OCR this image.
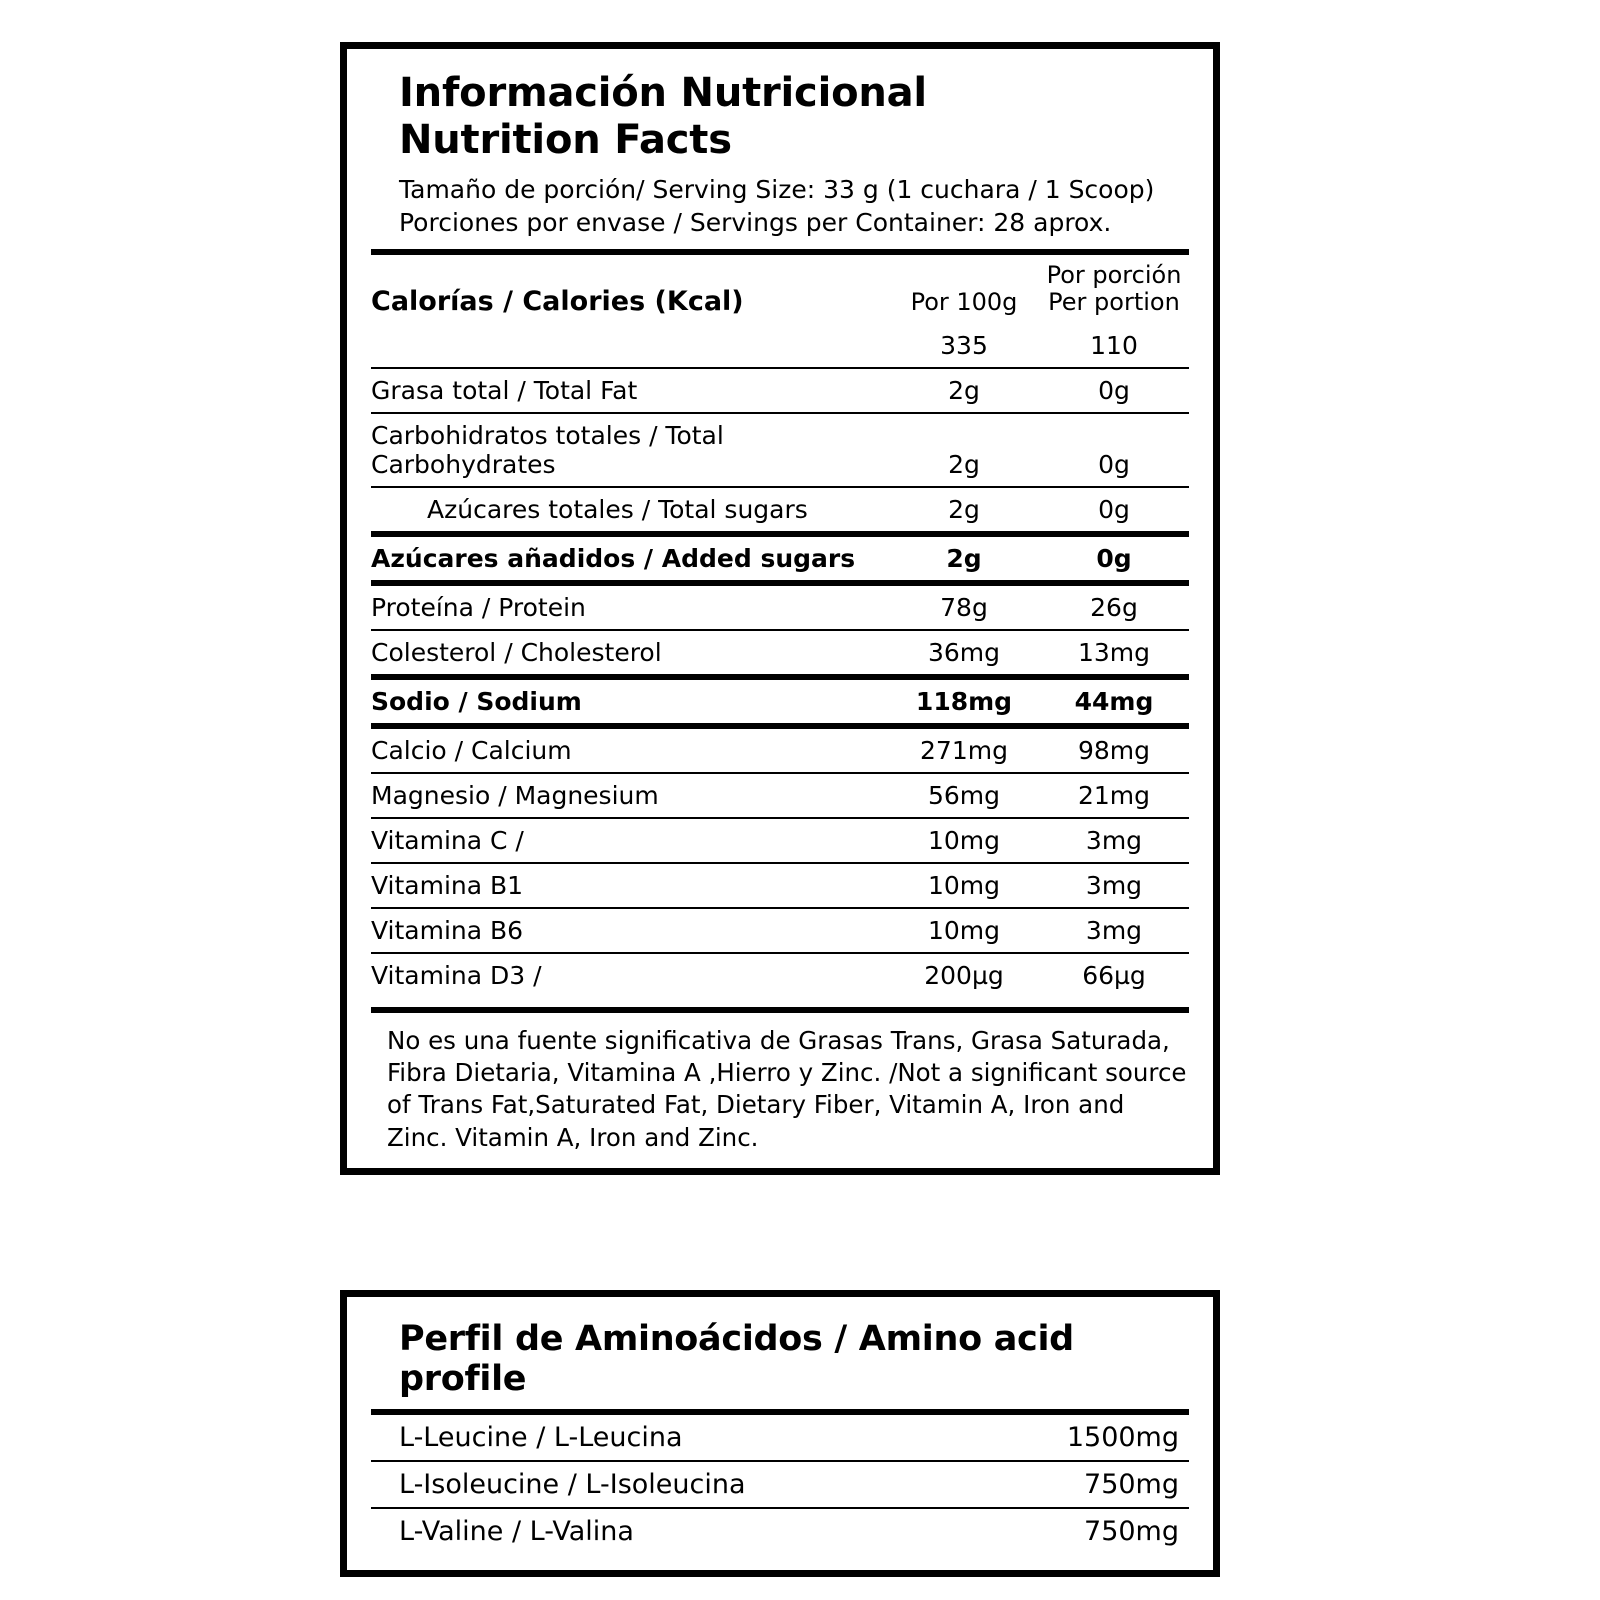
Información Nutricional
Nutrition Facts
Tamaño de porción/ Serving Size: 33 g (1 cuchara / 1 Scoop)
Porciones por envase / Servings per Container: 28 aprox.
Calorías / Calories (Kcal)	Por 100g	Por porción
Per portion

	335	110
Grasa total / Total Fat	2g	0g
Carbohidratos totales / Total Carbohydrates	2g	0g
Azúcares totales / Total sugars	2g	0g
Azúcares añadidos / Added sugars	2g	0g
Proteína / Protein	78g	26g
Colesterol / Cholesterol	36mg	13mg
Sodio / Sodium	118mg	44mg
Calcio / Calcium	271mg	98mg
Magnesio / Magnesium	56mg	21mg
Vitamina C /	10mg	3mg
Vitamina B1	10mg	3mg
Vitamina B6	10mg	3mg
Vitamina D3 /	200µg	66µg
No es una fuente significativa de Grasas Trans, Grasa Saturada, Fibra Dietaria, Vitamina A ,Hierro y Zinc. /Not a significant source of Trans Fat,Saturated Fat, Dietary Fiber, Vitamin A, Iron and Zinc. Vitamin A, Iron and Zinc.
Perfil de Aminoácidos / Amino acid profile
L-Leucine / L-Leucina	1500mg
L-Isoleucine / L-Isoleucina	750mg
L-Valine / L-Valina	750mg
